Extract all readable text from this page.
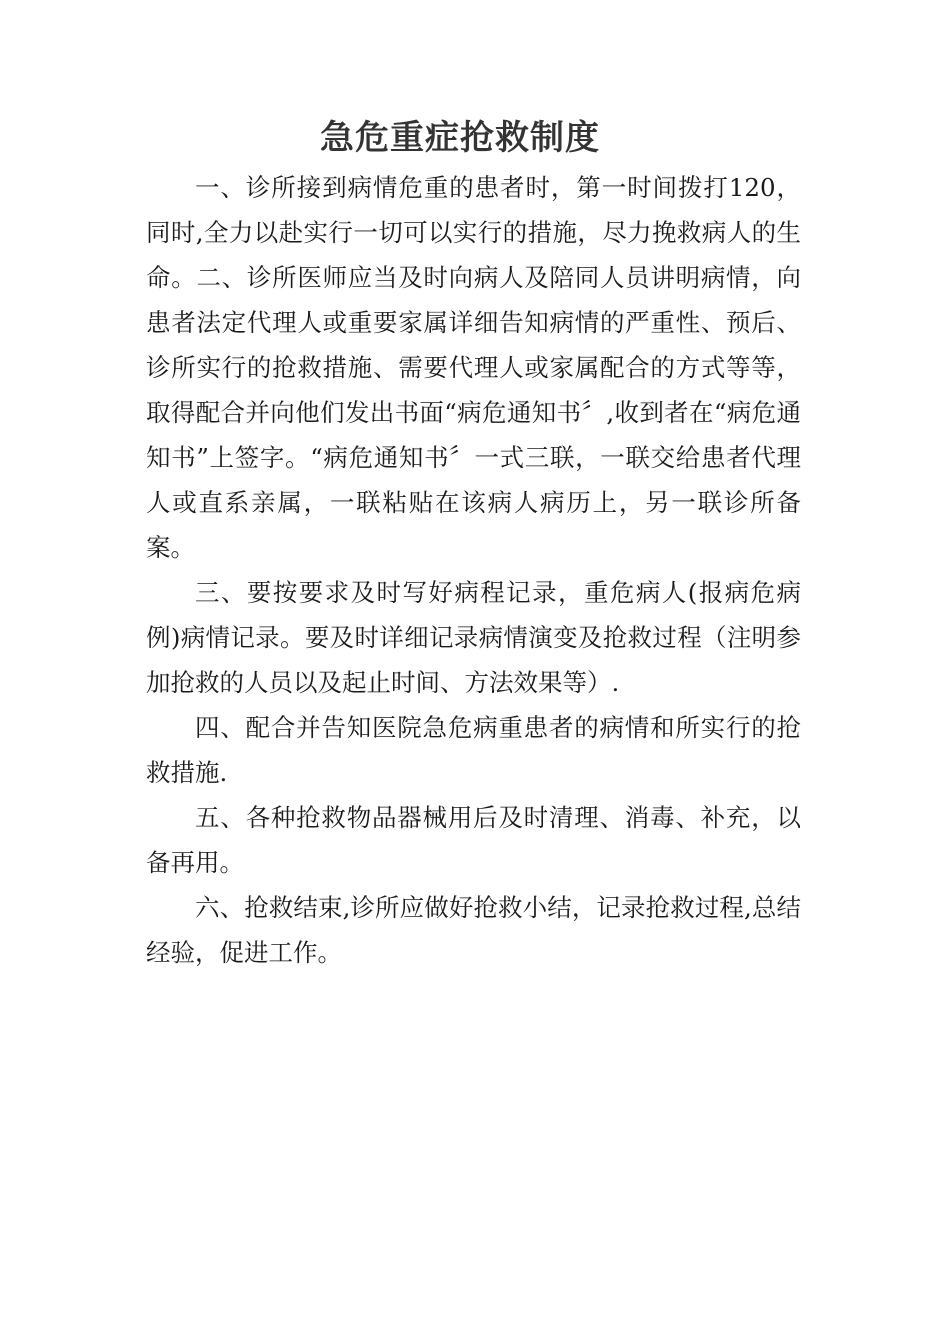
急危重症抢救制度

一、诊所接到病情危重的患者时，第一时间拨打120，同时,全力以赴实行一切可以实行的措施，尽力挽救病人的生命。二、诊所医师应当及时向病人及陪同人员讲明病情，向患者法定代理人或重要家属详细告知病情的严重性、预后、诊所实行的抢救措施、需要代理人或家属配合的方式等等，取得配合并向他们发出书面“病危通知书〞,收到者在“病危通知书”上签字。“病危通知书〞一式三联，一联交给患者代理人或直系亲属，一联粘贴在该病人病历上，另一联诊所备案。

三、要按要求及时写好病程记录，重危病人(报病危病例)病情记录。要及时详细记录病情演变及抢救过程（注明参加抢救的人员以及起止时间、方法效果等）.

四、配合并告知医院急危病重患者的病情和所实行的抢救措施.

五、各种抢救物品器械用后及时清理、消毒、补充，以备再用。

六、抢救结束,诊所应做好抢救小结，记录抢救过程,总结经验，促进工作。
